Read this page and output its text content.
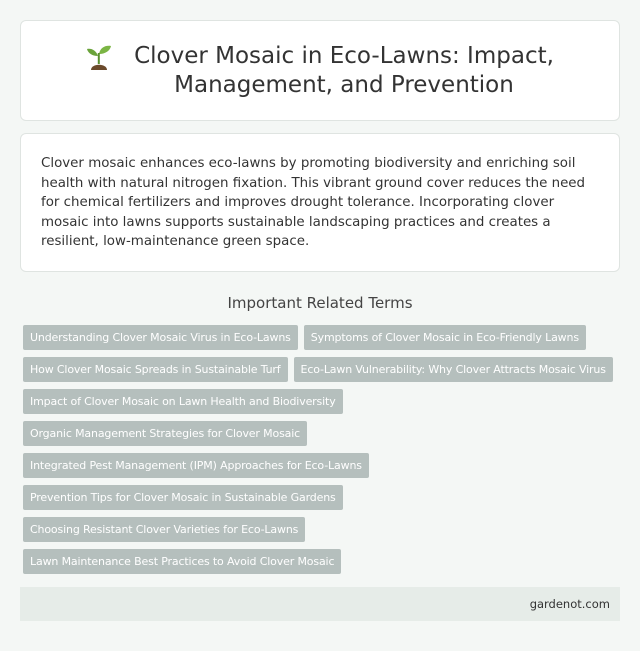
Clover Mosaic in Eco-Lawns: Impact, Management, and Prevention

Clover mosaic enhances eco-lawns by promoting biodiversity and enriching soil health with natural nitrogen fixation. This vibrant ground cover reduces the need for chemical fertilizers and improves drought tolerance. Incorporating clover mosaic into lawns supports sustainable landscaping practices and creates a resilient, low-maintenance green space.

Important Related Terms
Understanding Clover Mosaic Virus in Eco-Lawns	Symptoms of Clover Mosaic in Eco-Friendly Lawns
How Clover Mosaic Spreads in Sustainable Turf	Eco-Lawn Vulnerability: Why Clover Attracts Mosaic Virus
Impact of Clover Mosaic on Lawn Health and Biodiversity
Organic Management Strategies for Clover Mosaic
Integrated Pest Management (IPM) Approaches for Eco-Lawns
Prevention Tips for Clover Mosaic in Sustainable Gardens
Choosing Resistant Clover Varieties for Eco-Lawns
Lawn Maintenance Best Practices to Avoid Clover Mosaic
gardenot.com
